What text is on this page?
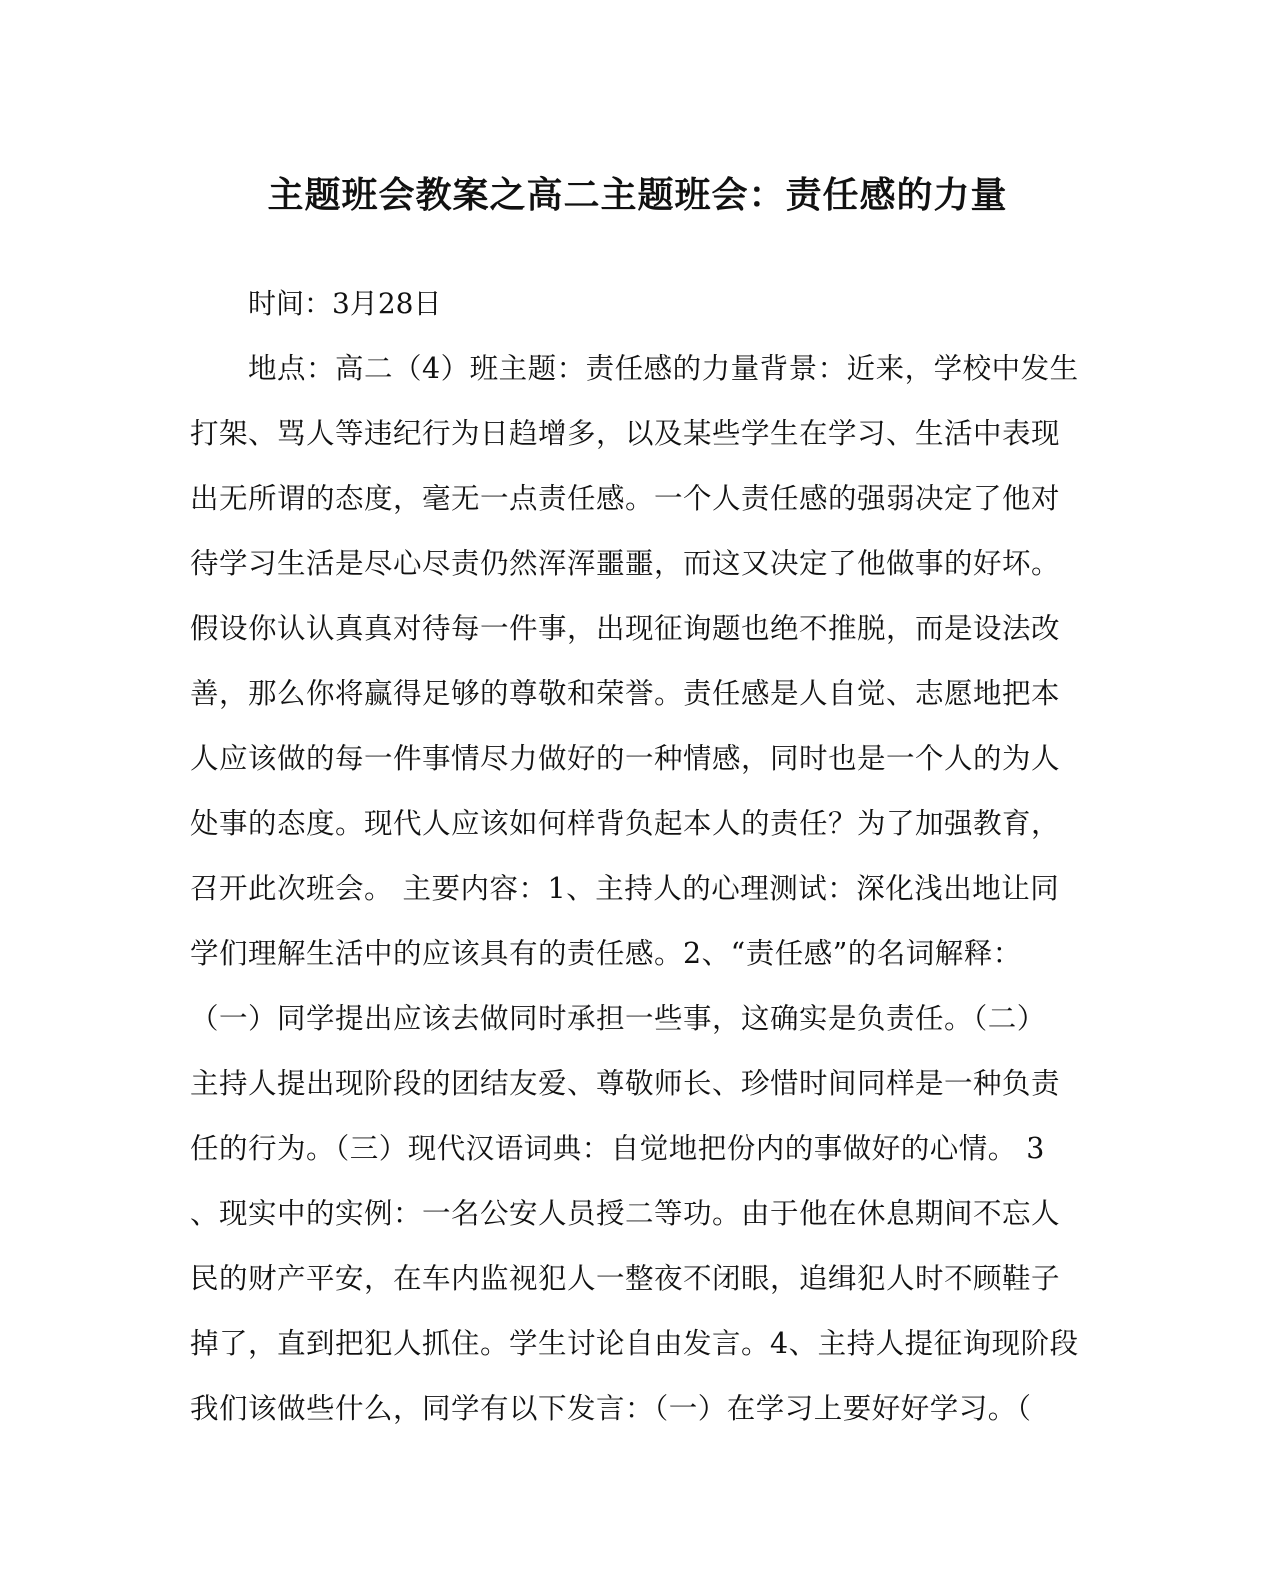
主题班会教案之高二主题班会：责任感的力量

时间：3月28日

地点：高二（4）班主题：责任感的力量背景：近来，学校中发生
打架、骂人等违纪行为日趋增多，以及某些学生在学习、生活中表现
出无所谓的态度，毫无一点责任感。一个人责任感的强弱决定了他对
待学习生活是尽心尽责仍然浑浑噩噩，而这又决定了他做事的好坏。
假设你认认真真对待每一件事，出现征询题也绝不推脱，而是设法改
善，那么你将赢得足够的尊敬和荣誉。责任感是人自觉、志愿地把本
人应该做的每一件事情尽力做好的一种情感，同时也是一个人的为人
处事的态度。现代人应该如何样背负起本人的责任？为了加强教育，
召开此次班会。 主要内容：1、主持人的心理测试：深化浅出地让同
学们理解生活中的应该具有的责任感。2、“责任感”的名词解释：
（一）同学提出应该去做同时承担一些事，这确实是负责任。（二）
主持人提出现阶段的团结友爱、尊敬师长、珍惜时间同样是一种负责
任的行为。（三）现代汉语词典：自觉地把份内的事做好的心情。 3
、现实中的实例：一名公安人员授二等功。由于他在休息期间不忘人
民的财产平安，在车内监视犯人一整夜不闭眼，追缉犯人时不顾鞋子
掉了，直到把犯人抓住。学生讨论自由发言。4、主持人提征询现阶段
我们该做些什么，同学有以下发言：（一）在学习上要好好学习。（
